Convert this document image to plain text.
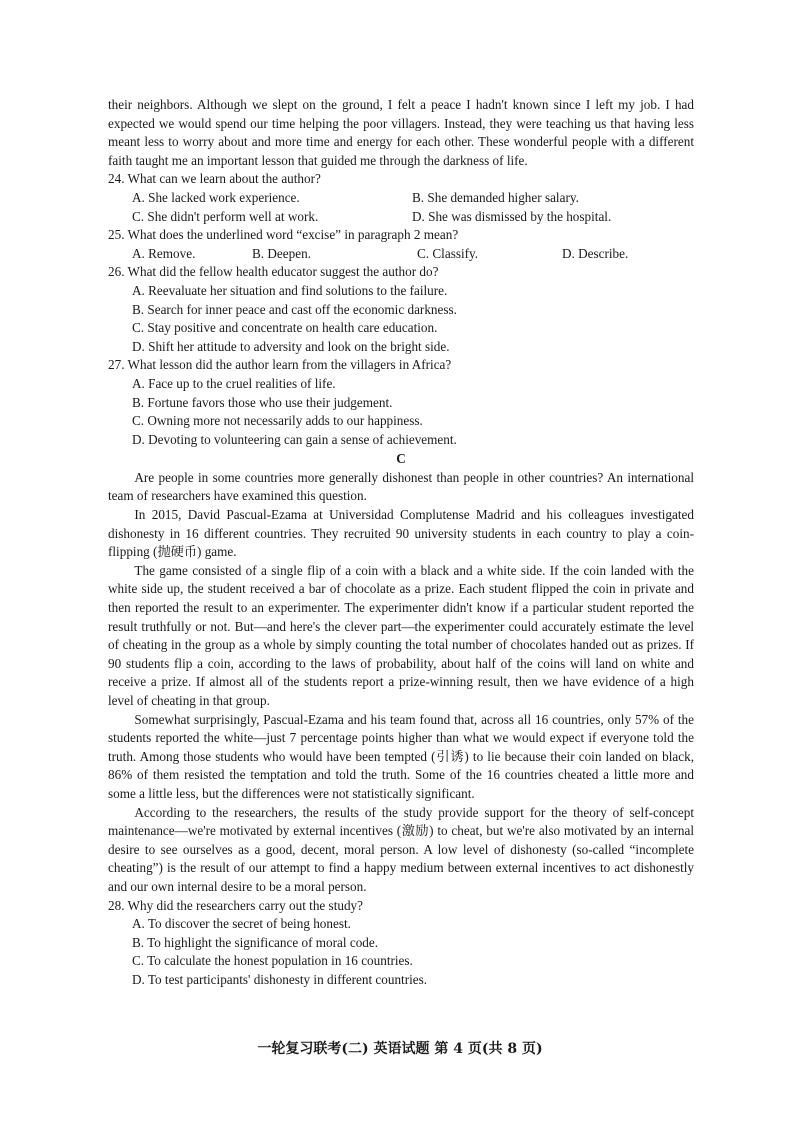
their neighbors. Although we slept on the ground, I felt a peace I hadn't known since I left my job. I had expected we would spend our time helping the poor villagers. Instead, they were teaching us that having less meant less to worry about and more time and energy for each other. These wonderful people with a different faith taught me an important lesson that guided me through the darkness of life.

24. What can we learn about the author?

A. She lacked work experience.	B. She demanded higher salary.
C. She didn't perform well at work.	D. She was dismissed by the hospital.

25. What does the underlined word “excise” in paragraph 2 mean?

A. Remove.	B. Deepen.	C. Classify.	D. Describe.

26. What did the fellow health educator suggest the author do?

A. Reevaluate her situation and find solutions to the failure.
B. Search for inner peace and cast off the economic darkness.
C. Stay positive and concentrate on health care education.
D. Shift her attitude to adversity and look on the bright side.

27. What lesson did the author learn from the villagers in Africa?

A. Face up to the cruel realities of life.
B. Fortune favors those who use their judgement.
C. Owning more not necessarily adds to our happiness.
D. Devoting to volunteering can gain a sense of achievement.
C

Are people in some countries more generally dishonest than people in other countries? An international team of researchers have examined this question.

In 2015, David Pascual-Ezama at Universidad Complutense Madrid and his colleagues investigated dishonesty in 16 different countries. They recruited 90 university students in each country to play a coin-flipping (抛硬币) game.

The game consisted of a single flip of a coin with a black and a white side. If the coin landed with the white side up, the student received a bar of chocolate as a prize. Each student flipped the coin in private and then reported the result to an experimenter. The experimenter didn't know if a particular student reported the result truthfully or not. But—and here's the clever part—the experimenter could accurately estimate the level of cheating in the group as a whole by simply counting the total number of chocolates handed out as prizes. If 90 students flip a coin, according to the laws of probability, about half of the coins will land on white and receive a prize. If almost all of the students report a prize-winning result, then we have evidence of a high level of cheating in that group.

Somewhat surprisingly, Pascual-Ezama and his team found that, across all 16 countries, only 57% of the students reported the white—just 7 percentage points higher than what we would expect if everyone told the truth. Among those students who would have been tempted (引诱) to lie because their coin landed on black, 86% of them resisted the temptation and told the truth. Some of the 16 countries cheated a little more and some a little less, but the differences were not statistically significant.

According to the researchers, the results of the study provide support for the theory of self-concept maintenance—we're motivated by external incentives (激励) to cheat, but we're also motivated by an internal desire to see ourselves as a good, decent, moral person. A low level of dishonesty (so-called “incomplete cheating”) is the result of our attempt to find a happy medium between external incentives to act dishonestly and our own internal desire to be a moral person.

28. Why did the researchers carry out the study?

A. To discover the secret of being honest.
B. To highlight the significance of moral code.
C. To calculate the honest population in 16 countries.
D. To test participants' dishonesty in different countries.
一轮复习联考(二) 英语试题 第 4 页(共 8 页)
